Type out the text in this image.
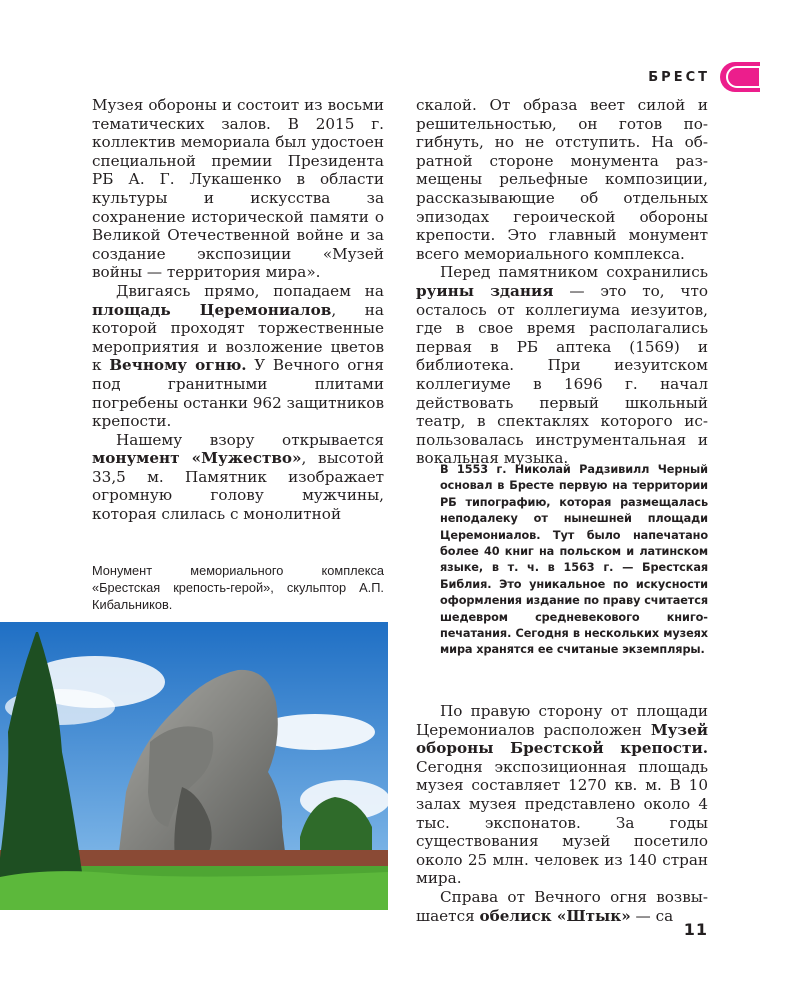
БРЕСТ

Музея обороны и состоит из восьми тематических залов. В 2015 г. коллектив мемориала был удостоен специальной премии Президента РБ А. Г. Лукашенко в области культуры и искусства за сохранение исторической памяти о Великой Отечественной войне и за создание экспозиции «Музей войны — территория мира».

Двигаясь прямо, попадаем на площадь Церемониалов, на которой проходят торжественные мероприятия и возложение цветов к Вечному огню. У Вечного огня под гранитными плитами погребены останки 962 защитников крепости.

Нашему взору открывается монумент «Мужество», высотой 33,5 м. Памятник изображает огромную голову мужчины, которая слилась с монолитной

Монумент мемориального комплекса «Брестская крепость-герой», скульптор А.П. Кибальников.

скалой. От образа веет силой и решительностью, он готов погибнуть, но не отступить. На обратной стороне монумента размещены рельефные композиции, рассказывающие об отдельных эпизодах героической обороны крепости. Это главный монумент всего мемориального комплекса.

Перед памятником сохранились руины здания — это то, что осталось от коллегиума иезуитов, где в свое время располагались первая в РБ аптека (1569) и библиотека. При иезуитском коллегиуме в 1696 г. начал действовать первый школьный театр, в спектаклях которого использовалась инструментальная и вокальная музыка.

В 1553 г. Николай Радзивилл Черный основал в Бресте первую на территории РБ типографию, которая размещалась неподалеку от нынешней площади Церемониалов. Тут было напечатано более 40 книг на польском и латинском языке, в т. ч. в 1563 г. — Брестская Библия. Это уникальное по искусности оформления издание по праву считается шедевром средневекового книгопечатания. Сегодня в нескольких музеях мира хранятся ее считаные экземпляры.

По правую сторону от площади Церемониалов расположен Музей обороны Брестской крепости. Сегодня экспозиционная площадь музея составляет 1270 кв. м. В 10 залах музея представлено около 4 тыс. экспонатов. За годы существования музей посетило около 25 млн. человек из 140 стран мира.

Справа от Вечного огня возвышается обелиск «Штык» — са

11
